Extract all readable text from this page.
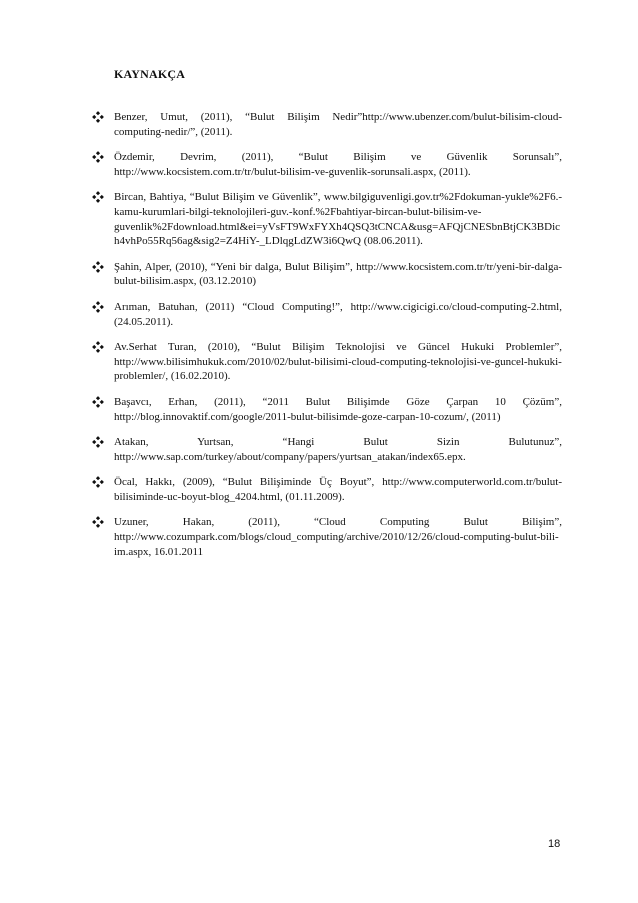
KAYNAKÇA
Benzer, Umut, (2011), “Bulut Bilişim Nedir”http://www.ubenzer.com/bulut-bilisim-cloud-computing-nedir/”, (2011).
Özdemir, Devrim, (2011), “Bulut Bilişim ve Güvenlik Sorunsalı”, http://www.kocsistem.com.tr/tr/bulut-bilisim-ve-guvenlik-sorunsali.aspx, (2011).
Bircan, Bahtiya, “Bulut Bilişim ve Güvenlik”, www.bilgiguvenligi.gov.tr%2Fdokuman-yukle%2F6.-kamu-kurumlari-bilgi-teknolojileri-guv.-konf.%2Fbahtiyar-bircan-bulut-bilisim-ve-guvenlik%2Fdownload.html&ei=yVsFT9WxFYXh4QSQ3tCNCA&usg=AFQjCNESbnBtjCK3BDich4vhPo55Rq56ag&sig2=Z4HiY-_LDlqgLdZW3i6QwQ (08.06.2011).
Şahin, Alper, (2010), “Yeni bir dalga, Bulut Bilişim”, http://www.kocsistem.com.tr/tr/yeni-bir-dalga-bulut-bilisim.aspx, (03.12.2010)
Arıman, Batuhan, (2011) “Cloud Computing!”, http://www.cigicigi.co/cloud-computing-2.html,(24.05.2011).
Av.Serhat Turan, (2010), “Bulut Bilişim Teknolojisi ve Güncel Hukuki Problemler”, http://www.bilisimhukuk.com/2010/02/bulut-bilisimi-cloud-computing-teknolojisi-ve-guncel-hukuki-problemler/, (16.02.2010).
Başavcı, Erhan, (2011), “2011 Bulut Bilişimde Göze Çarpan 10 Çözüm”, http://blog.innovaktif.com/google/2011-bulut-bilisimde-goze-carpan-10-cozum/, (2011)
Atakan, Yurtsan, “Hangi Bulut Sizin Bulutunuz”, http://www.sap.com/turkey/about/company/papers/yurtsan_atakan/index65.epx.
Öcal, Hakkı, (2009), “Bulut Bilişiminde Üç Boyut”, http://www.computerworld.com.tr/bulut-bilisiminde-uc-boyut-blog_4204.html, (01.11.2009).
Uzuner, Hakan, (2011), “Cloud Computing Bulut Bilişim”, http://www.cozumpark.com/blogs/cloud_computing/archive/2010/12/26/cloud-computing-bulut-bili-im.aspx, 16.01.2011
18
